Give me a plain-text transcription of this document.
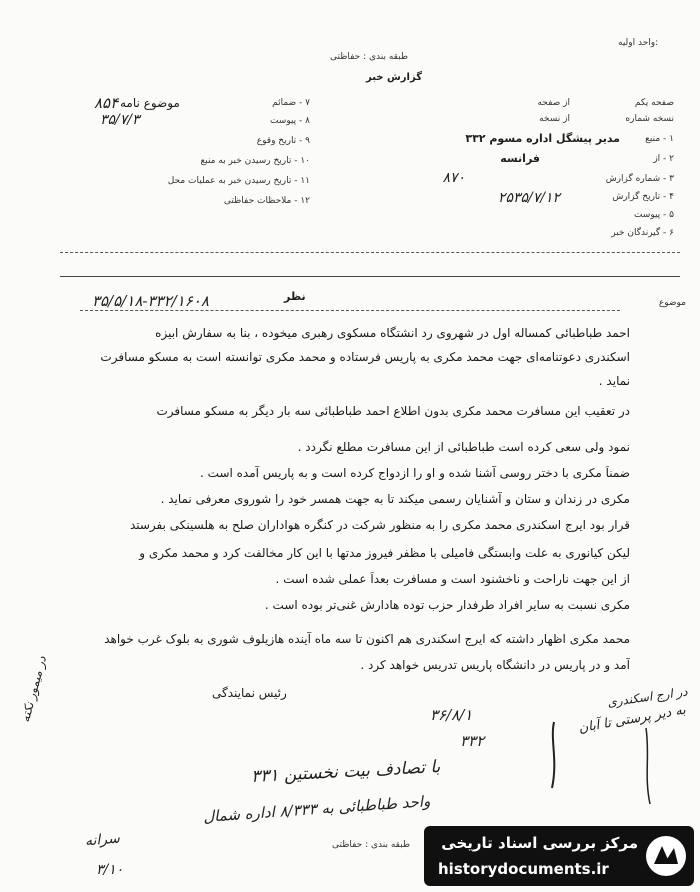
واحد اولیه:
طبقه بندی : حفاظتی
گزارش خبر
۷ - ضمائم
۸ - پیوست
۹ - تاریخ وقوع
۱۰ - تاریخ رسیدن خبر به منبع
۱۱ - تاریخ رسیدن خبر به عملیات محل
۱۲ - ملاحظات حفاظتی
موضوع نامه
۸۵۴
۳۵/۷/۳
صفحه یکم
از صفحه
نسخه شماره
از نسخه
۱ - منبع
مدیر پیشگل اداره مسوم ۳۳۲
۲ - از
فرانسه
۳ - شماره گزارش
۸۷۰
۴ - تاریخ گزارش
۲۵۳۵/۷/۱۲
۵ - پیوست
۶ - گیرندگان خبر
موضوع
نظر
۳۵/۵/۱۸-۳۳۲/۱۶۰۸
احمد طباطبائی کمساله اول در شهروی رد انشتگاه مسکوی رهبری میخوده ، بنا به سفارش ابیزه
اسکندری دعوتنامه‌ای جهت محمد مکری به پاریس فرستاده و محمد مکری توانسته است به مسکو مسافرت
نماید .
در تعقیب این مسافرت محمد مکری بدون اطلاع احمد طباطبائی سه بار دیگر به مسکو مسافرت
نمود ولی سعی کرده است طباطبائی از این مسافرت مطلع نگردد .
ضمناً مکری با دختر روسی آشنا شده و او را ازدواج کرده است و به پاریس آمده است .
مکری در زندان و ستان و آشنایان رسمی میکند تا به جهت همسر خود را شوروی معرفی نماید .
قرار بود ایرج اسکندری محمد مکری را به منظور شرکت در کنگره هواداران صلح به هلسینکی بفرستد
لیکن کیانوری به علت وابستگی فامیلی با مظفر فیروز مدتها با این کار مخالفت کرد و محمد مکری و
از این جهت ناراحت و ناخشنود است و مسافرت بعداً عملی شده است .
مکری نسبت به سایر افراد طرفدار حزب توده هادارش غنی‌تر بوده است .
محمد مکری اظهار داشته که ایرج اسکندری هم اکنون تا سه ماه آینده هازیلوف شوری به بلوک غرب خواهد
آمد و در پاریس در دانشگاه پاریس تدریس خواهد کرد .
رئیس نمایندگی
۳۶/۸/۱
۳۳۲
در ارج اسکندری
به دیر پرستی تا آبان
در میمور نکته
با تصادف بیت نخستین ۳۳۱
واحد طباطبائی به ۸/۳۳۳ اداره شمال
سرانه
۳/۱۰
طبقه بندی : حفاظتی مرکز بررسی اسناد تاریخی
historydocuments.ir
